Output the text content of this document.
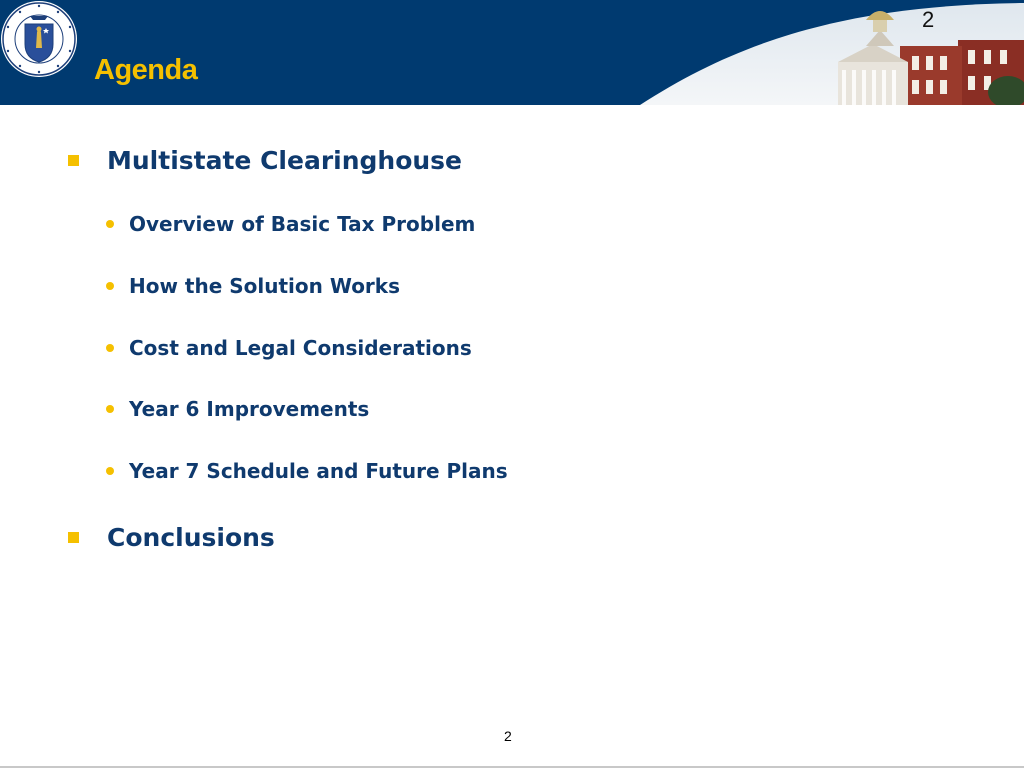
Agenda
2
Multistate Clearinghouse
Overview of Basic Tax Problem
How the Solution Works
Cost and Legal Considerations
Year 6 Improvements
Year 7 Schedule and Future Plans
Conclusions
2
